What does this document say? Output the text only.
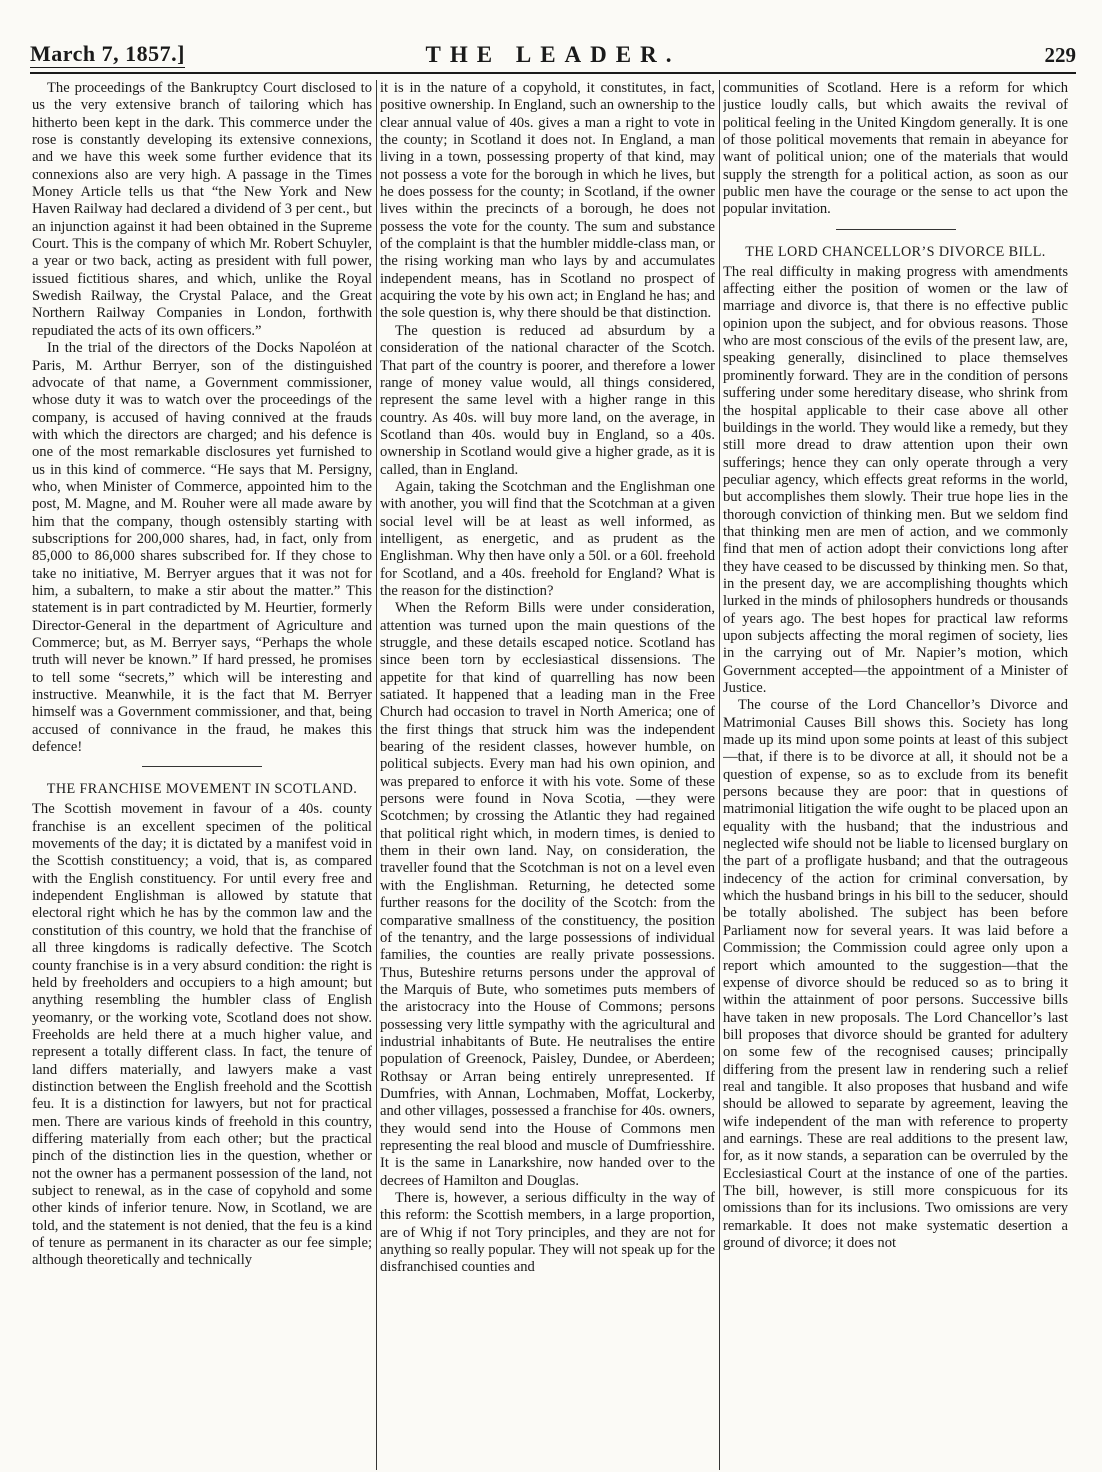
March 7, 1857.]	THE LEADER.	229

The proceedings of the Bankruptcy Court disclosed to us the very extensive branch of tailoring which has hitherto been kept in the dark. This commerce under the rose is constantly developing its extensive connexions, and we have this week some further evidence that its connexions also are very high. A passage in the Times Money Article tells us that “the New York and New Haven Railway had declared a dividend of 3 per cent., but an injunction against it had been obtained in the Supreme Court. This is the company of which Mr. Robert Schuyler, a year or two back, acting as president with full power, issued fictitious shares, and which, unlike the Royal Swedish Railway, the Crystal Palace, and the Great Northern Railway Companies in London, forthwith repudiated the acts of its own officers.”

In the trial of the directors of the Docks Napoléon at Paris, M. Arthur Berryer, son of the distinguished advocate of that name, a Government commissioner, whose duty it was to watch over the proceedings of the company, is accused of having connived at the frauds with which the directors are charged; and his defence is one of the most remarkable disclosures yet furnished to us in this kind of commerce. “He says that M. Persigny, who, when Minister of Commerce, appointed him to the post, M. Magne, and M. Rouher were all made aware by him that the company, though ostensibly starting with subscriptions for 200,000 shares, had, in fact, only from 85,000 to 86,000 shares subscribed for. If they chose to take no initiative, M. Berryer argues that it was not for him, a subaltern, to make a stir about the matter.” This statement is in part contradicted by M. Heurtier, formerly Director-General in the department of Agriculture and Commerce; but, as M. Berryer says, “Perhaps the whole truth will never be known.” If hard pressed, he promises to tell some “secrets,” which will be interesting and instructive. Meanwhile, it is the fact that M. Berryer himself was a Government commissioner, and that, being accused of connivance in the fraud, he makes this defence!

THE FRANCHISE MOVEMENT IN SCOTLAND.

The Scottish movement in favour of a 40s. county franchise is an excellent specimen of the political movements of the day; it is dictated by a manifest void in the Scottish constituency; a void, that is, as compared with the English constituency. For until every free and independent Englishman is allowed by statute that electoral right which he has by the common law and the constitution of this country, we hold that the franchise of all three kingdoms is radically defective. The Scotch county franchise is in a very absurd condition: the right is held by freeholders and occupiers to a high amount; but anything resembling the humbler class of English yeomanry, or the working vote, Scotland does not show. Freeholds are held there at a much higher value, and represent a totally different class. In fact, the tenure of land differs materially, and lawyers make a vast distinction between the English freehold and the Scottish feu. It is a distinction for lawyers, but not for practical men. There are various kinds of freehold in this country, differing materially from each other; but the practical pinch of the distinction lies in the question, whether or not the owner has a permanent possession of the land, not subject to renewal, as in the case of copyhold and some other kinds of inferior tenure. Now, in Scotland, we are told, and the statement is not denied, that the feu is a kind of tenure as permanent in its character as our fee simple; although theoretically and technically

it is in the nature of a copyhold, it constitutes, in fact, positive ownership. In England, such an ownership to the clear annual value of 40s. gives a man a right to vote in the county; in Scotland it does not. In England, a man living in a town, possessing property of that kind, may not possess a vote for the borough in which he lives, but he does possess for the county; in Scotland, if the owner lives within the precincts of a borough, he does not possess the vote for the county. The sum and substance of the complaint is that the humbler middle-class man, or the rising working man who lays by and accumulates independent means, has in Scotland no prospect of acquiring the vote by his own act; in England he has; and the sole question is, why there should be that distinction.

The question is reduced ad absurdum by a consideration of the national character of the Scotch. That part of the country is poorer, and therefore a lower range of money value would, all things considered, represent the same level with a higher range in this country. As 40s. will buy more land, on the average, in Scotland than 40s. would buy in England, so a 40s. ownership in Scotland would give a higher grade, as it is called, than in England.

Again, taking the Scotchman and the Englishman one with another, you will find that the Scotchman at a given social level will be at least as well informed, as intelligent, as energetic, and as prudent as the Englishman. Why then have only a 50l. or a 60l. freehold for Scotland, and a 40s. freehold for England? What is the reason for the distinction?

When the Reform Bills were under consideration, attention was turned upon the main questions of the struggle, and these details escaped notice. Scotland has since been torn by ecclesiastical dissensions. The appetite for that kind of quarrelling has now been satiated. It happened that a leading man in the Free Church had occasion to travel in North America; one of the first things that struck him was the independent bearing of the resident classes, however humble, on political subjects. Every man had his own opinion, and was prepared to enforce it with his vote. Some of these persons were found in Nova Scotia, —they were Scotchmen; by crossing the Atlantic they had regained that political right which, in modern times, is denied to them in their own land. Nay, on consideration, the traveller found that the Scotchman is not on a level even with the Englishman. Returning, he detected some further reasons for the docility of the Scotch: from the comparative smallness of the constituency, the position of the tenantry, and the large possessions of individual families, the counties are really private possessions. Thus, Buteshire returns persons under the approval of the Marquis of Bute, who sometimes puts members of the aristocracy into the House of Commons; persons possessing very little sympathy with the agricultural and industrial inhabitants of Bute. He neutralises the entire population of Greenock, Paisley, Dundee, or Aberdeen; Rothsay or Arran being entirely unrepresented. If Dumfries, with Annan, Lochmaben, Moffat, Lockerby, and other villages, possessed a franchise for 40s. owners, they would send into the House of Commons men representing the real blood and muscle of Dumfriesshire. It is the same in Lanarkshire, now handed over to the decrees of Hamilton and Douglas.

There is, however, a serious difficulty in the way of this reform: the Scottish members, in a large proportion, are of Whig if not Tory principles, and they are not for anything so really popular. They will not speak up for the disfranchised counties and

communities of Scotland. Here is a reform for which justice loudly calls, but which awaits the revival of political feeling in the United Kingdom generally. It is one of those political movements that remain in abeyance for want of political union; one of the materials that would supply the strength for a political action, as soon as our public men have the courage or the sense to act upon the popular invitation.

THE LORD CHANCELLOR’S DIVORCE BILL.

The real difficulty in making progress with amendments affecting either the position of women or the law of marriage and divorce is, that there is no effective public opinion upon the subject, and for obvious reasons. Those who are most conscious of the evils of the present law, are, speaking generally, disinclined to place themselves prominently forward. They are in the condition of persons suffering under some hereditary disease, who shrink from the hospital applicable to their case above all other buildings in the world. They would like a remedy, but they still more dread to draw attention upon their own sufferings; hence they can only operate through a very peculiar agency, which effects great reforms in the world, but accomplishes them slowly. Their true hope lies in the thorough conviction of thinking men. But we seldom find that thinking men are men of action, and we commonly find that men of action adopt their convictions long after they have ceased to be discussed by thinking men. So that, in the present day, we are accomplishing thoughts which lurked in the minds of philosophers hundreds or thousands of years ago. The best hopes for practical law reforms upon subjects affecting the moral regimen of society, lies in the carrying out of Mr. Napier’s motion, which Government accepted—the appointment of a Minister of Justice.

The course of the Lord Chancellor’s Divorce and Matrimonial Causes Bill shows this. Society has long made up its mind upon some points at least of this subject—that, if there is to be divorce at all, it should not be a question of expense, so as to exclude from its benefit persons because they are poor: that in questions of matrimonial litigation the wife ought to be placed upon an equality with the husband; that the industrious and neglected wife should not be liable to licensed burglary on the part of a profligate husband; and that the outrageous indecency of the action for criminal conversation, by which the husband brings in his bill to the seducer, should be totally abolished. The subject has been before Parliament now for several years. It was laid before a Commission; the Commission could agree only upon a report which amounted to the suggestion—that the expense of divorce should be reduced so as to bring it within the attainment of poor persons. Successive bills have taken in new proposals. The Lord Chancellor’s last bill proposes that divorce should be granted for adultery on some few of the recognised causes; principally differing from the present law in rendering such a relief real and tangible. It also proposes that husband and wife should be allowed to separate by agreement, leaving the wife independent of the man with reference to property and earnings. These are real additions to the present law, for, as it now stands, a separation can be overruled by the Ecclesiastical Court at the instance of one of the parties. The bill, however, is still more conspicuous for its omissions than for its inclusions. Two omissions are very remarkable. It does not make systematic desertion a ground of divorce; it does not
